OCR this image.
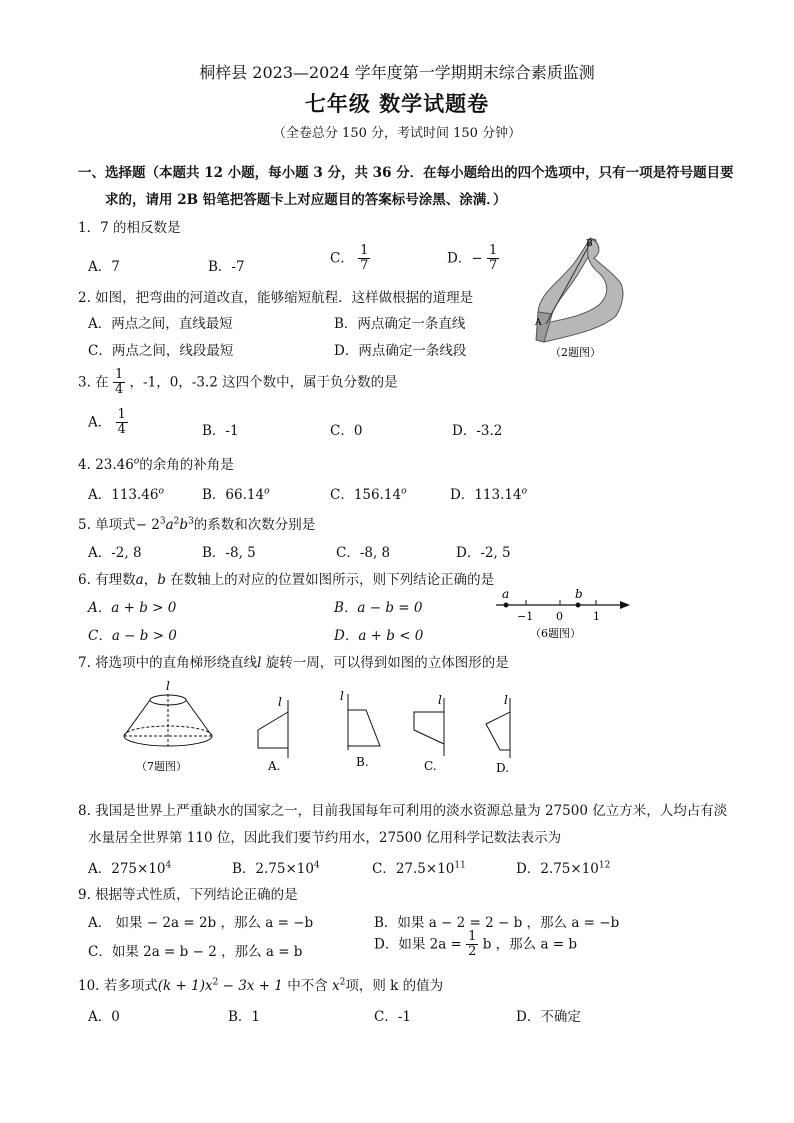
桐梓县 2023—2024 学年度第一学期期末综合素质监测
七年级 数学试题卷
（全卷总分 150 分，考试时间 150 分钟）
一、选择题（本题共 12 小题，每小题 3 分，共 36 分．在每小题给出的四个选项中，只有一项是符号题目要
求的，请用 2B 铅笔把答题卡上对应题目的答案标号涂黑、涂满．）
1．7 的相反数是
A．7	B．-7
C． $\frac{1}{7}$	D．− $\frac{1}{7}$
2. 如图，把弯曲的河道改直，能够缩短航程．这样做根据的道理是
A．两点之间，直线最短	B．两点确定一条直线
C．两点之间，线段最短	D．两点确定一条线段
A
B
（2题图）
3. 在 $\frac{1}{4}$ ，-1，0，-3.2 这四个数中，属于负分数的是
A． $\frac{1}{4}$	B．-1	C．0	D．-3.2
4. 23.46$^o$的余角的补角是
A．113.46$^o$	B．66.14$^o$	C．156.14$^o$	D．113.14$^o$
5. 单项式− $2^3a^2b^3$的系数和次数分别是
A．-2, 8	B．-8, 5	C．-8, 8	D．-2, 5
6. 有理数a，b 在数轴上的对应的位置如图所示，则下列结论正确的是
A．a + b > 0	B．a − b = 0
C．a − b > 0	D．a + b < 0
a	b
−1 0	1
（6题图）
7. 将选项中的直角梯形绕直线l 旋转一周，可以得到如图的立体图形的是
l
（7题图）
l
A.
l
B.
l
C.
l
D.
8. 我国是世界上严重缺水的国家之一，目前我国每年可利用的淡水资源总量为 27500 亿立方米，人均占有淡
水量居全世界第 110 位，因此我们要节约用水，27500 亿用科学记数法表示为
A．$275\times 10^4$	B．$2.75\times 10^4$	C．$27.5\times 10^{11}$	D．$2.75\times 10^{12}$
9. 根据等式性质，下列结论正确的是
A． 如果 − 2a = 2b ，那么 a = −b	B．如果 a − 2 = 2 − b ，那么 a = −b
C．如果 2a = b − 2 ，那么 a = b	D．如果 $2a = \frac{1}{2}$ b ，那么 a = b
10. 若多项式$(k + 1)x^2 - 3x + 1$ 中不含 $x^2$项，则 k 的值为
A．0	B．1	C．-1	D．不确定
